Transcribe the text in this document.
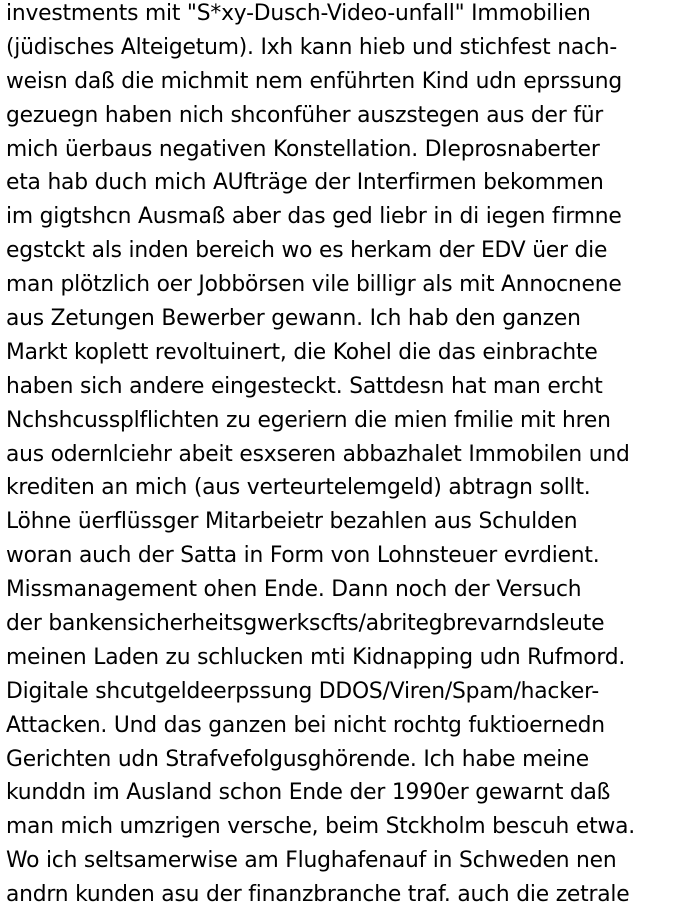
investments mit "S*xy-Dusch-Video-unfall" Immobilien
(jüdisches Alteigetum). Ixh kann hieb und stichfest nach-
weisn daß die michmit nem enführten Kind udn eprssung
gezuegn haben nich shconfüher auszstegen aus der für
mich üerbaus negativen Konstellation. DIeprosnaberter
eta hab duch mich AUfträge der Interfirmen bekommen
im gigtshcn Ausmaß aber das ged liebr in di iegen firmne
egstckt als inden bereich wo es herkam der EDV üer die
man plötzlich oer Jobbörsen vile billigr als mit Annocnene
aus Zetungen Bewerber gewann. Ich hab den ganzen
Markt koplett revoltuinert, die Kohel die das einbrachte
haben sich andere eingesteckt. Sattdesn hat man ercht
Nchshcussplflichten zu egeriern die mien fmilie mit hren
aus odernlciehr abeit esxseren abbazhalet Immobilen und
krediten an mich (aus verteurtelemgeld) abtragn sollt.
Löhne üerflüssger Mitarbeietr bezahlen aus Schulden
woran auch der Satta in Form von Lohnsteuer evrdient.
Missmanagement ohen Ende. Dann noch der Versuch
der bankensicherheitsgwerkscfts/abritegbrevarndsleute
meinen Laden zu schlucken mti Kidnapping udn Rufmord.
Digitale shcutgeldeerpssung DDOS/Viren/Spam/hacker-
Attacken. Und das ganzen bei nicht rochtg fuktioernedn
Gerichten udn Strafvefolgusghörende. Ich habe meine
kunddn im Ausland schon Ende der 1990er gewarnt daß
man mich umzrigen versche, beim Stckholm bescuh etwa.
Wo ich seltsamerwise am Flughafenauf in Schweden nen
andrn kunden asu der finanzbranche traf. auch die zetrale
